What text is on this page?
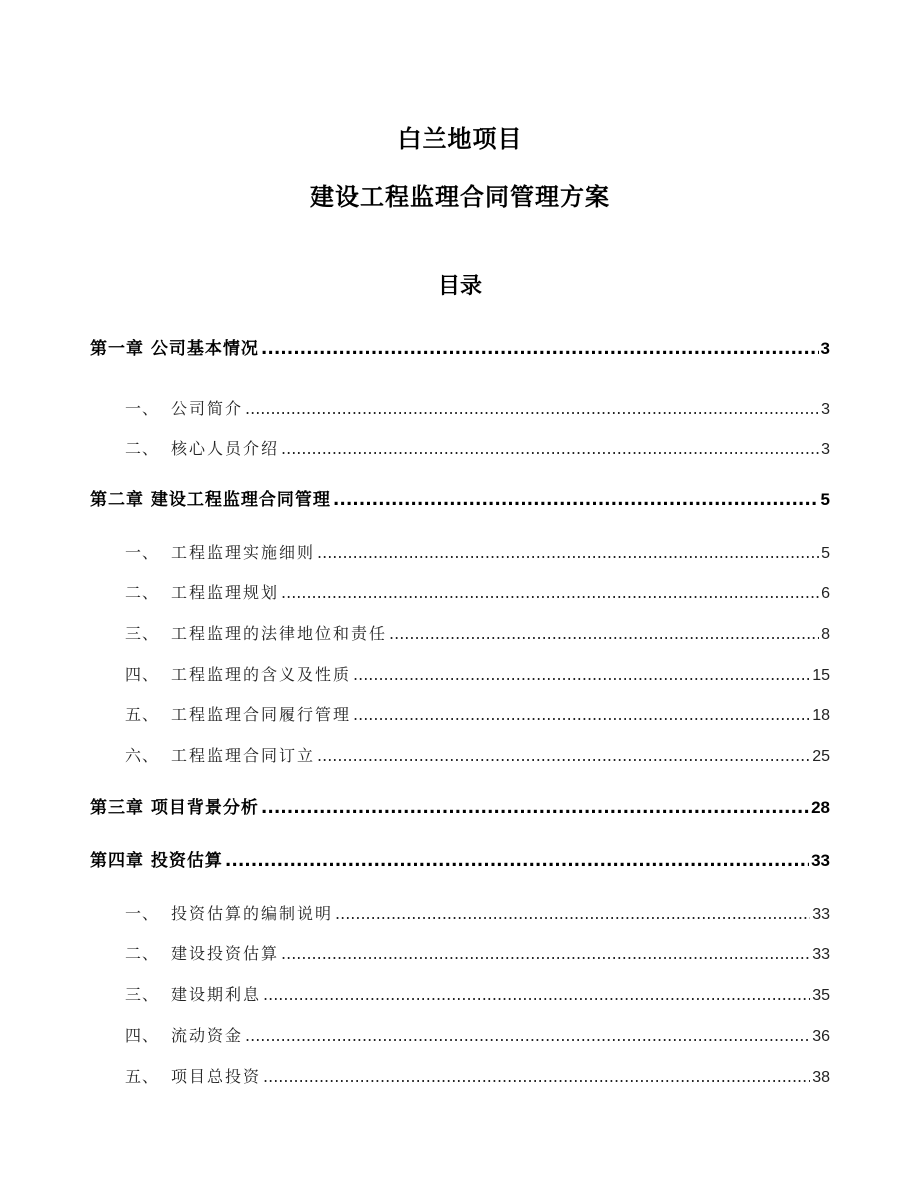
白兰地项目
建设工程监理合同管理方案
目录
第一章 公司基本情况 .....	3
一、 公司简介 .....	3
二、 核心人员介绍 .....	3
第二章 建设工程监理合同管理 .....	5
一、 工程监理实施细则 .....	5
二、 工程监理规划 .....	6
三、 工程监理的法律地位和责任 .....	8
四、 工程监理的含义及性质 .....	15
五、 工程监理合同履行管理 .....	18
六、 工程监理合同订立 .....	25
第三章 项目背景分析 .....	28
第四章 投资估算 .....	33
一、 投资估算的编制说明 .....	33
二、 建设投资估算 .....	33
三、 建设期利息 .....	35
四、 流动资金 .....	36
五、 项目总投资 .....	38
